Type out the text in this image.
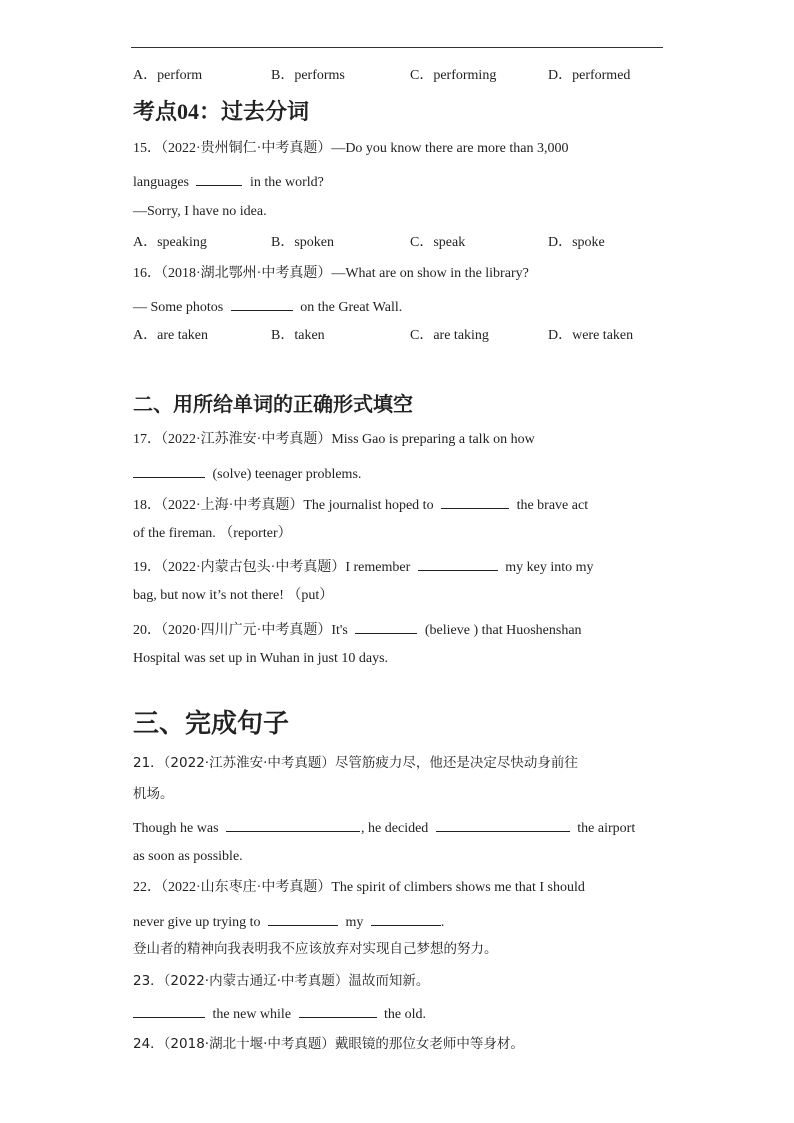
A．perform	B．performs	C．performing	D．performed
考点04：过去分词
15．（2022·贵州铜仁·中考真题）—Do you know there are more than 3,000
languages	in the world?
—Sorry, I have no idea.
A．speaking	B．spoken	C．speak	D．spoke
16．（2018·湖北鄂州·中考真题）—What are on show in the library?
— Some photos	on the Great Wall.
A．are taken	B．taken	C．are taking	D．were taken
二、用所给单词的正确形式填空
17．（2022·江苏淮安·中考真题）Miss Gao is preparing a talk on how
(solve) teenager problems.
18．（2022·上海·中考真题）The journalist hoped to	the brave act
of the fireman. （reporter）
19．（2022·内蒙古包头·中考真题）I remember	my key into my
bag, but now it’s not there! （put）
20．（2020·四川广元·中考真题）It's	(believe ) that Huoshenshan
Hospital was set up in Wuhan in just 10 days.
三、完成句子
21．（2022·江苏淮安·中考真题）尽管筋疲力尽，他还是决定尽快动身前往
机场。
Though he was	, he decided	the airport
as soon as possible.
22．（2022·山东枣庄·中考真题）The spirit of climbers shows me that I should
never give up trying to	my	.
登山者的精神向我表明我不应该放弃对实现自己梦想的努力。
23．（2022·内蒙古通辽·中考真题）温故而知新。
the new while	the old.
24．（2018·湖北十堰·中考真题）戴眼镜的那位女老师中等身材。
